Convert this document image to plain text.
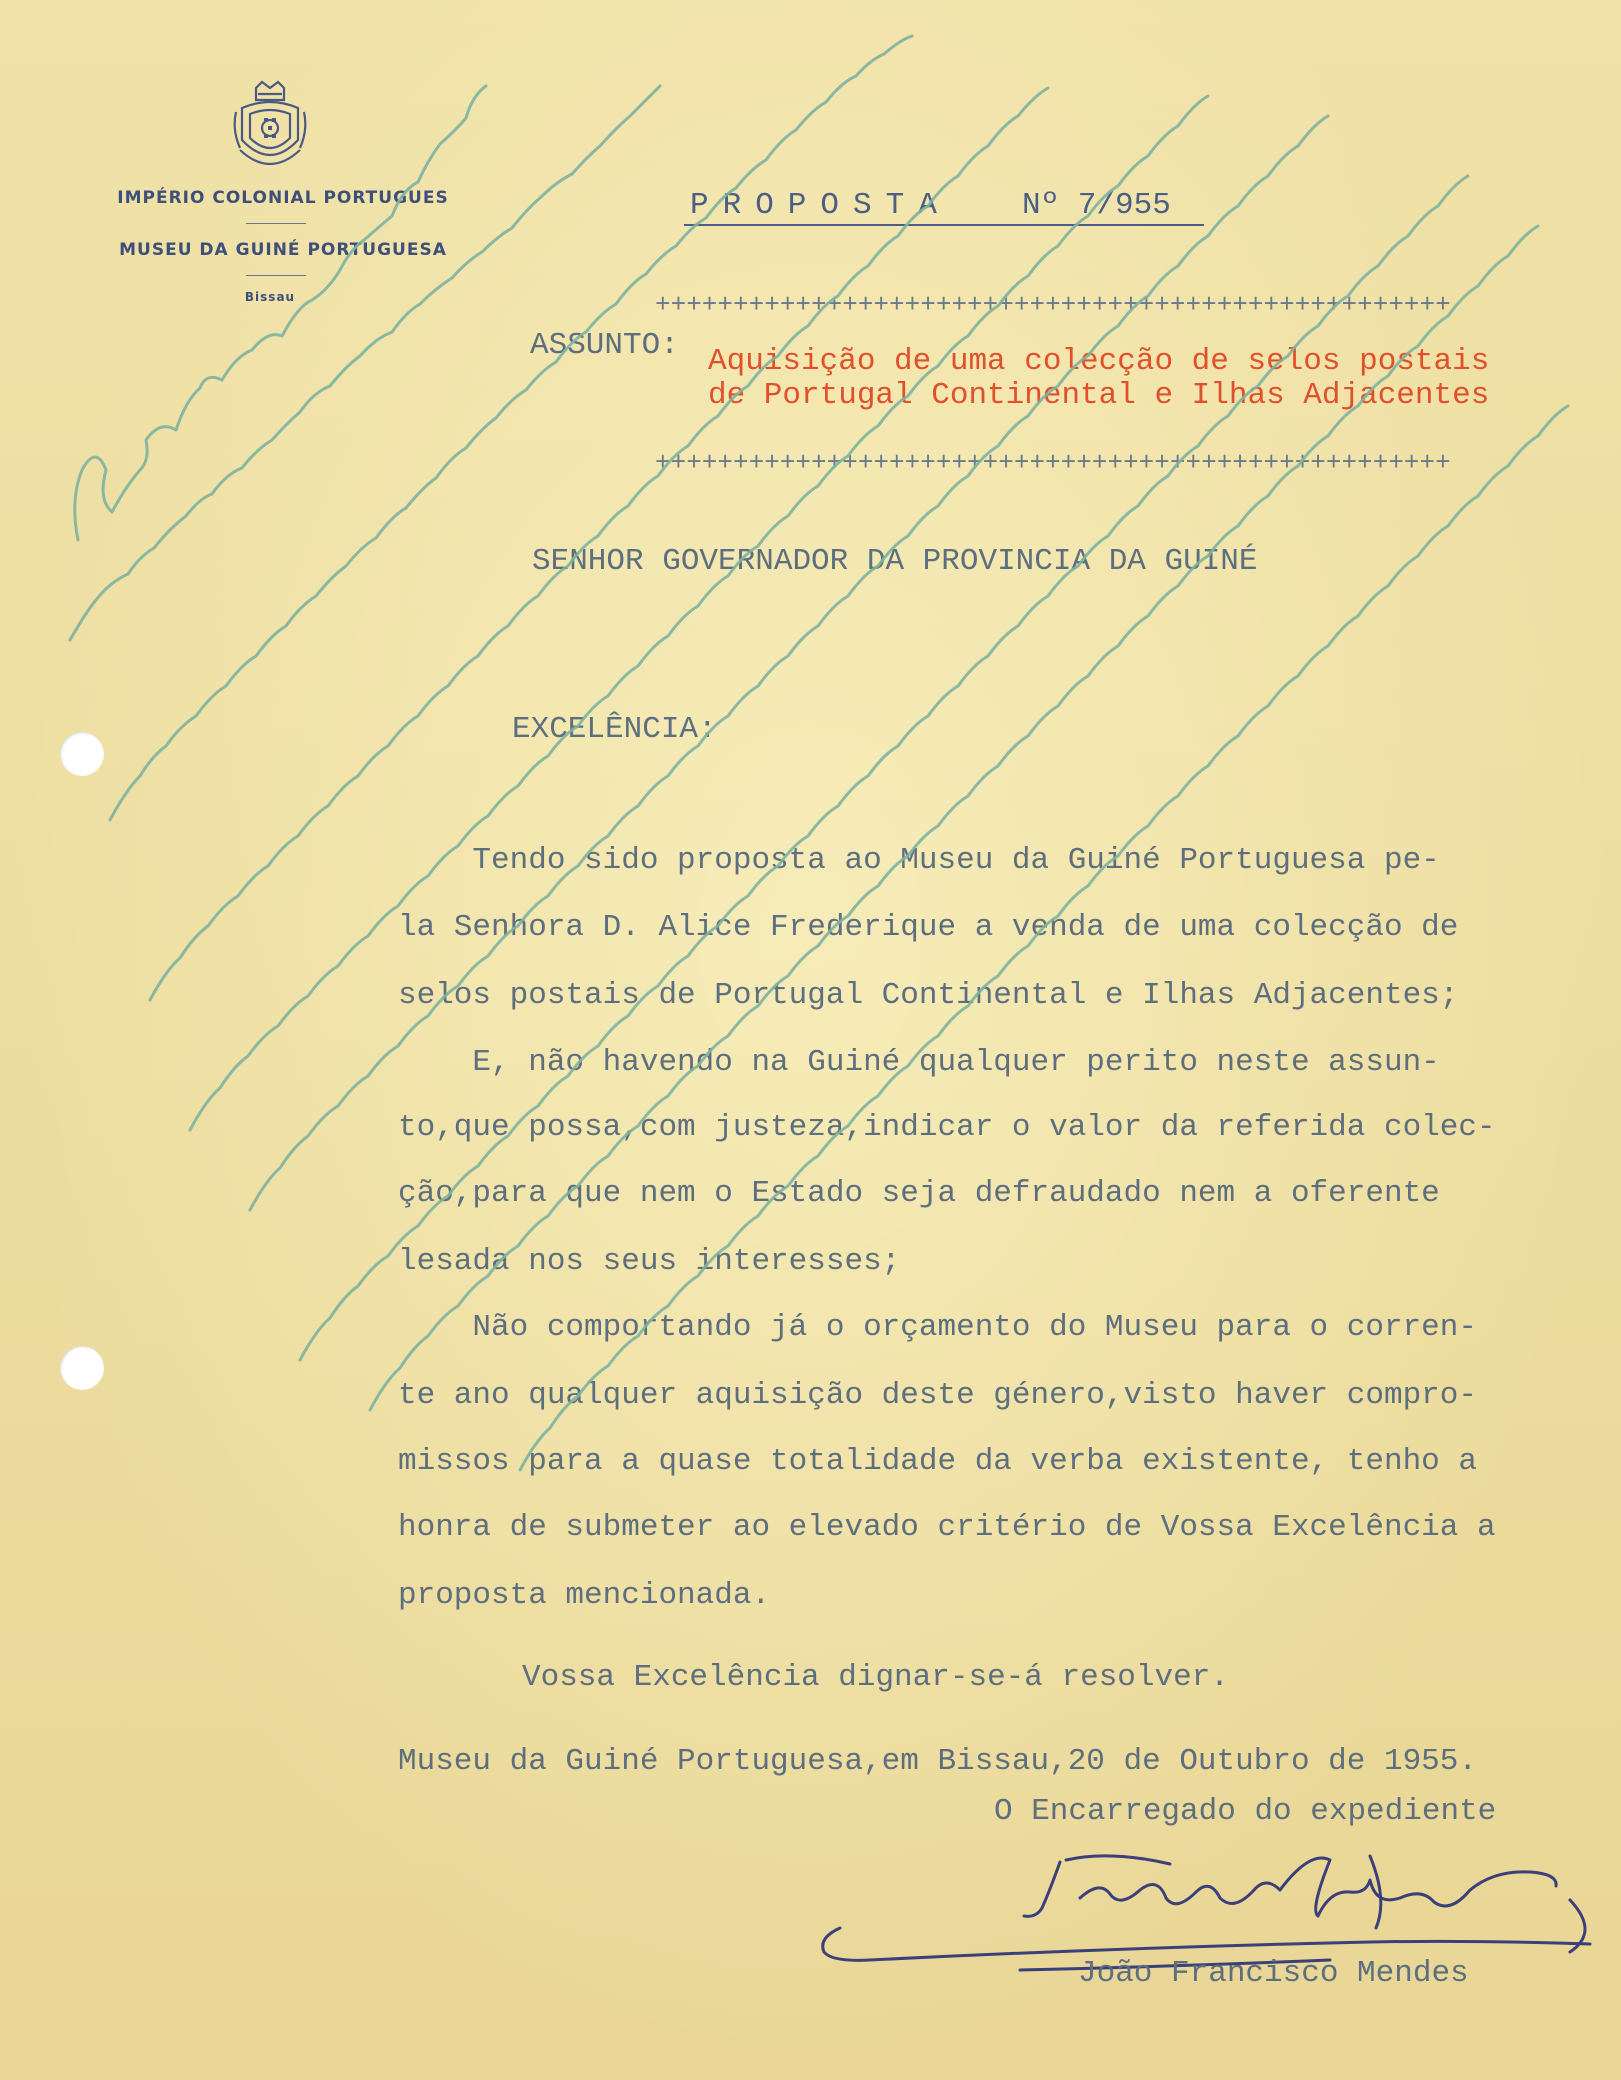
IMPÉRIO COLONIAL PORTUGUES
MUSEU DA GUINÉ PORTUGUESA
Bissau
PROPOSTA Nº 7/955
+++++++++++++++++++++++++++++++++++++++++++++++++++
ASSUNTO: Aquisição de uma colecção de selos postais
de Portugal Continental e Ilhas Adjacentes
+++++++++++++++++++++++++++++++++++++++++++++++++++
SENHOR GOVERNADOR DA PROVINCIA DA GUINÉ
EXCELÊNCIA:
Tendo sido proposta ao Museu da Guiné Portuguesa pe-
la Senhora D. Alice Frederique a venda de uma colecção de
selos postais de Portugal Continental e Ilhas Adjacentes;
E, não havendo na Guiné qualquer perito neste assun-
to,que possa,com justeza,indicar o valor da referida colec-
ção,para que nem o Estado seja defraudado nem a oferente
lesada nos seus interesses;
Não comportando já o orçamento do Museu para o corren-
te ano qualquer aquisição deste género,visto haver compro-
missos para a quase totalidade da verba existente, tenho a
honra de submeter ao elevado critério de Vossa Excelência a
proposta mencionada.
Vossa Excelência dignar-se-á resolver.
Museu da Guiné Portuguesa,em Bissau,20 de Outubro de 1955.
O Encarregado do expediente
João Francisco Mendes
